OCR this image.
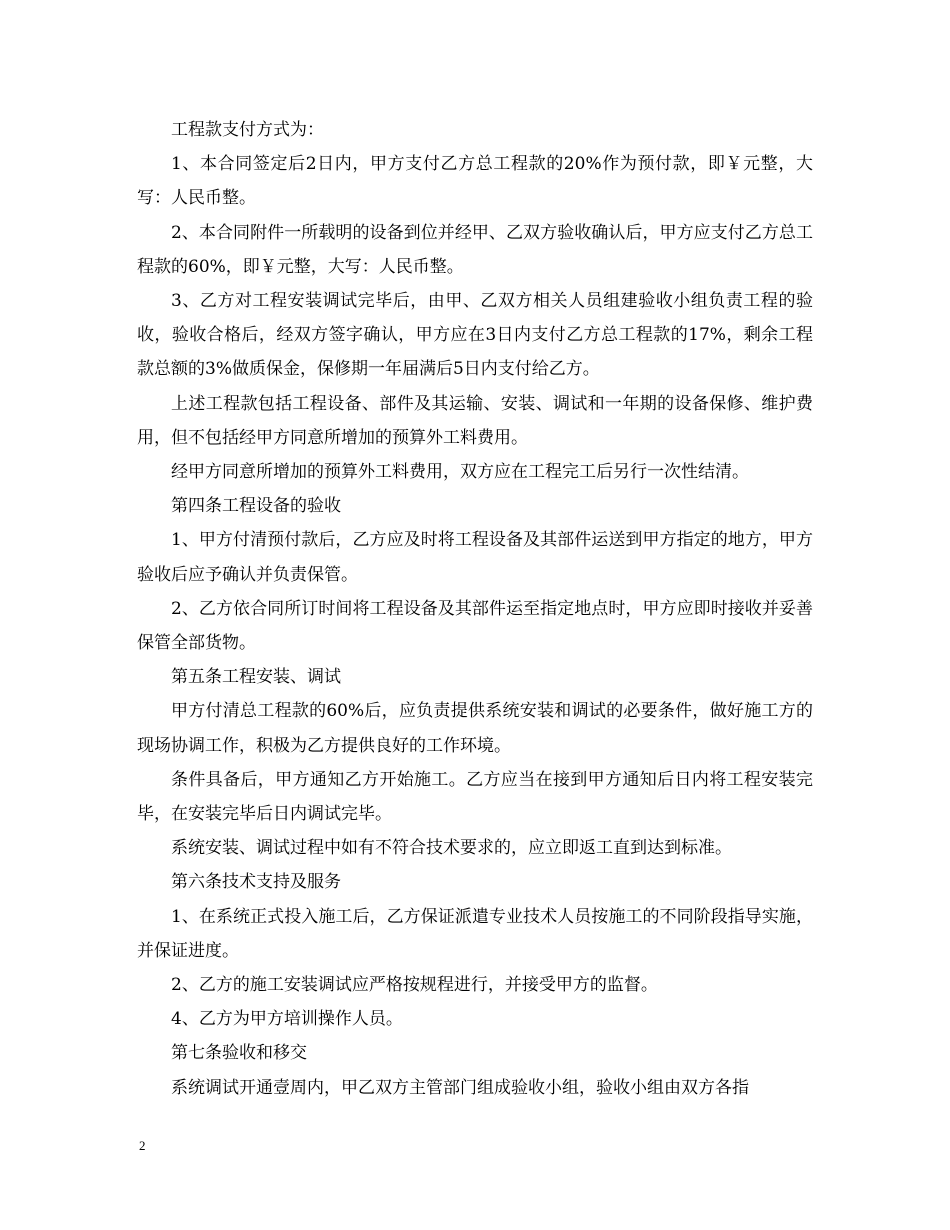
工程款支付方式为：

1、本合同签定后2日内，甲方支付乙方总工程款的20%作为预付款，即￥元整，大写：人民币整。

2、本合同附件一所载明的设备到位并经甲、乙双方验收确认后，甲方应支付乙方总工程款的60%，即￥元整，大写：人民币整。

3、乙方对工程安装调试完毕后，由甲、乙双方相关人员组建验收小组负责工程的验收，验收合格后，经双方签字确认，甲方应在3日内支付乙方总工程款的17%，剩余工程款总额的3%做质保金，保修期一年届满后5日内支付给乙方。

上述工程款包括工程设备、部件及其运输、安装、调试和一年期的设备保修、维护费用，但不包括经甲方同意所增加的预算外工料费用。

经甲方同意所增加的预算外工料费用，双方应在工程完工后另行一次性结清。

第四条工程设备的验收

1、甲方付清预付款后，乙方应及时将工程设备及其部件运送到甲方指定的地方，甲方验收后应予确认并负责保管。

2、乙方依合同所订时间将工程设备及其部件运至指定地点时，甲方应即时接收并妥善保管全部货物。

第五条工程安装、调试

甲方付清总工程款的60%后，应负责提供系统安装和调试的必要条件，做好施工方的现场协调工作，积极为乙方提供良好的工作环境。

条件具备后，甲方通知乙方开始施工。乙方应当在接到甲方通知后日内将工程安装完毕，在安装完毕后日内调试完毕。

系统安装、调试过程中如有不符合技术要求的，应立即返工直到达到标准。

第六条技术支持及服务

1、在系统正式投入施工后，乙方保证派遣专业技术人员按施工的不同阶段指导实施，并保证进度。

2、乙方的施工安装调试应严格按规程进行，并接受甲方的监督。

4、乙方为甲方培训操作人员。

第七条验收和移交

系统调试开通壹周内，甲乙双方主管部门组成验收小组，验收小组由双方各指

2
